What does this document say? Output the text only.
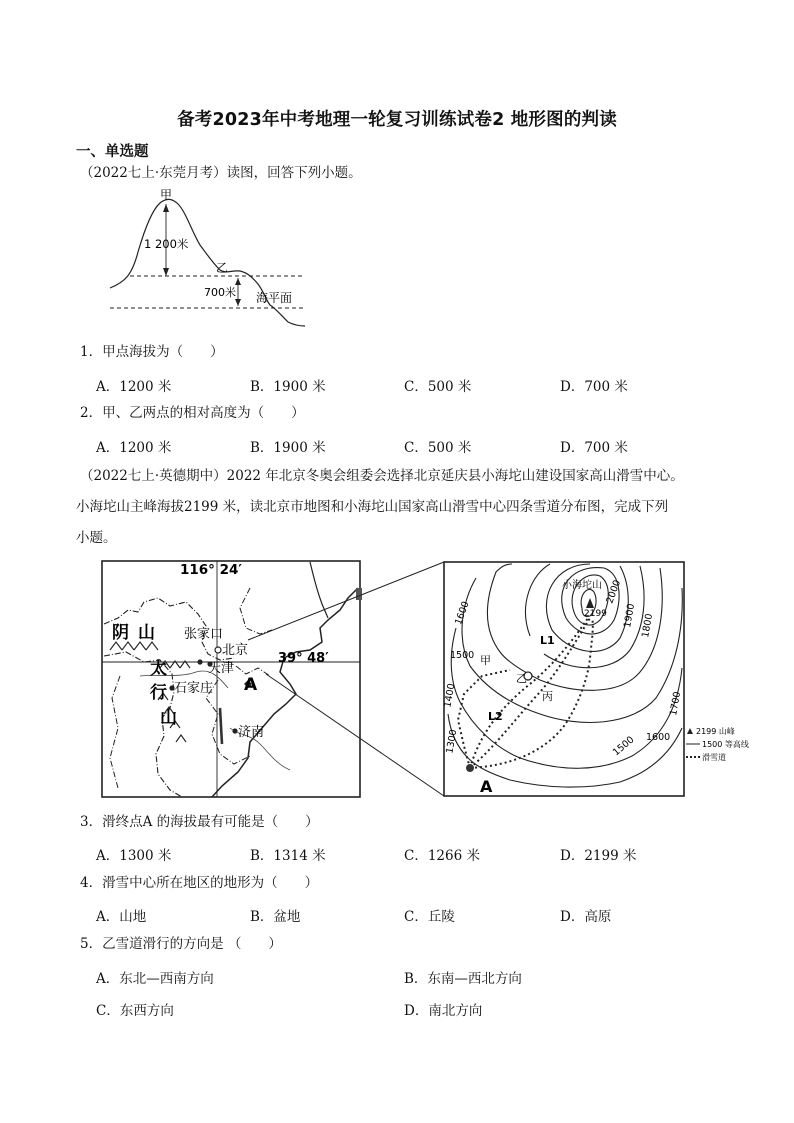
备考2023年中考地理一轮复习训练试卷2 地形图的判读
一、单选题
（2022七上·东莞月考）读图，回答下列小题。
甲
1 200米
乙
700米 海平面
1．甲点海拔为（　　）
A．1200 米	B．1900 米	C．500 米	D．700 米
2．甲、乙两点的相对高度为（　　）
A．1200 米	B．1900 米	C．500 米	D．700 米
（2022七上·英德期中）2022 年北京冬奥会组委会选择北京延庆县小海坨山建设国家高山滑雪中心。
小海坨山主峰海拔2199 米，读北京市地图和小海坨山国家高山滑雪中心四条雪道分布图，完成下列
小题。
116° 24′
39° 48′
张家口
北京
天津
石家庄
济南
阴 山
太
行
山
A
小海坨山
2199
2000
1900 1800
1700
1600
1500
1500
1400
1300
1600
L1
L2
甲
乙
丙
A
2199 山峰
1500 等高线
滑雪道
3．滑终点A 的海拔最有可能是（　　）
A．1300 米	B．1314 米	C．1266 米	D．2199 米
4．滑雪中心所在地区的地形为（　　）
A．山地	B．盆地	C．丘陵	D．高原
5．乙雪道滑行的方向是 （　　）
A．东北—西南方向	B．东南—西北方向
C．东西方向	D．南北方向
